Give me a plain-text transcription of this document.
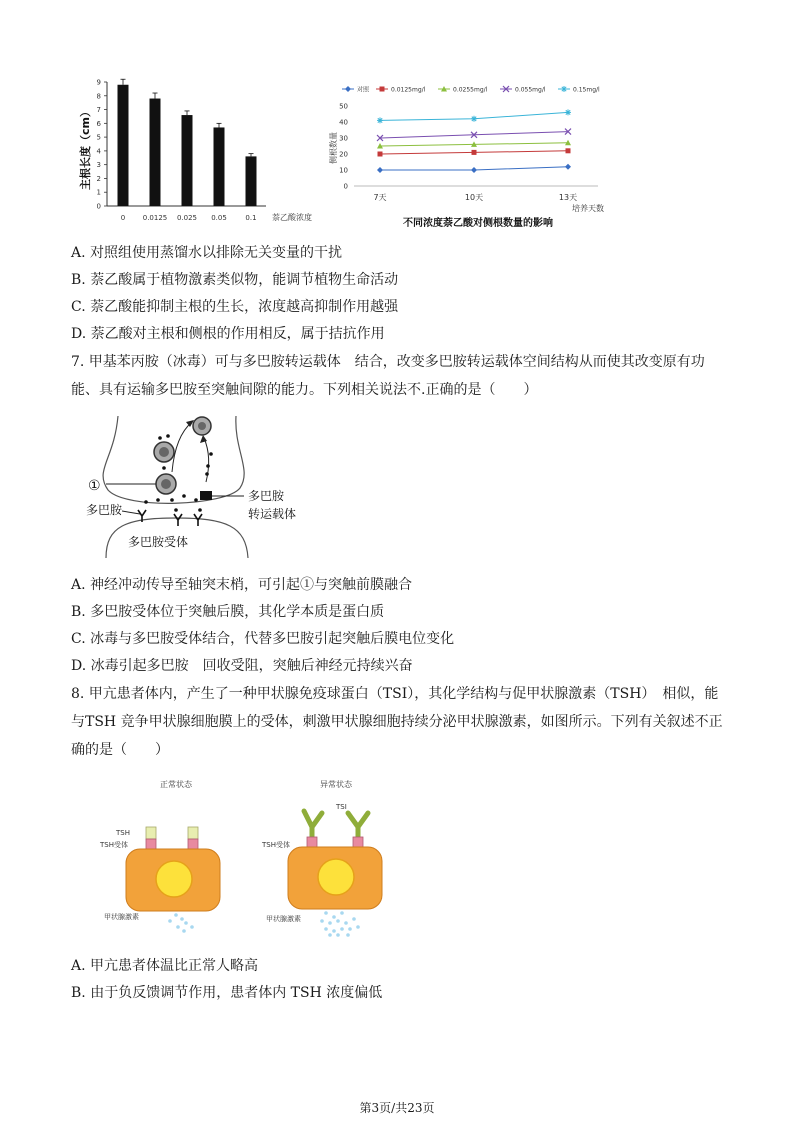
主根长度（cm）
0
1
2
3
4
5
6
7
8
9
0	0.0125 0.025 0.05	0.1 萘乙酸浓度
对照	0.0125mg/l	0.0255mg/l	0.055mg/l	0.15mg/l
侧根数量
0
10
20
30
40
50
7天	10天	13天
培养天数
不同浓度萘乙酸对侧根数量的影响
A. 对照组使用蒸馏水以排除无关变量的干扰
B. 萘乙酸属于植物激素类似物，能调节植物生命活动
C. 萘乙酸能抑制主根的生长，浓度越高抑制作用越强
D. 萘乙酸对主根和侧根的作用相反，属于拮抗作用
7. 甲基苯丙胺（冰毒）可与多巴胺转运载体　结合，改变多巴胺转运载体空间结构从而使其改变原有功能、具有运输多巴胺至突触间隙的能力。下列相关说法不.正确的是（　　）
①
多巴胺
多巴胺
转运载体
多巴胺受体
A. 神经冲动传导至轴突末梢，可引起①与突触前膜融合
B. 多巴胺受体位于突触后膜，其化学本质是蛋白质
C. 冰毒与多巴胺受体结合，代替多巴胺引起突触后膜电位变化
D. 冰毒引起多巴胺　回收受阻，突触后神经元持续兴奋
8. 甲亢患者体内，产生了一种甲状腺免疫球蛋白（TSI），其化学结构与促甲状腺激素（TSH）　相似，能与TSH 竞争甲状腺细胞膜上的受体，刺激甲状腺细胞持续分泌甲状腺激素，如图所示。下列有关叙述不正确的是（　　）
正常状态
TSH
TSH受体
甲状腺激素
异常状态
TSI
TSH受体
甲状腺激素
A. 甲亢患者体温比正常人略高
B. 由于负反馈调节作用，患者体内 TSH 浓度偏低
第3页/共23页
